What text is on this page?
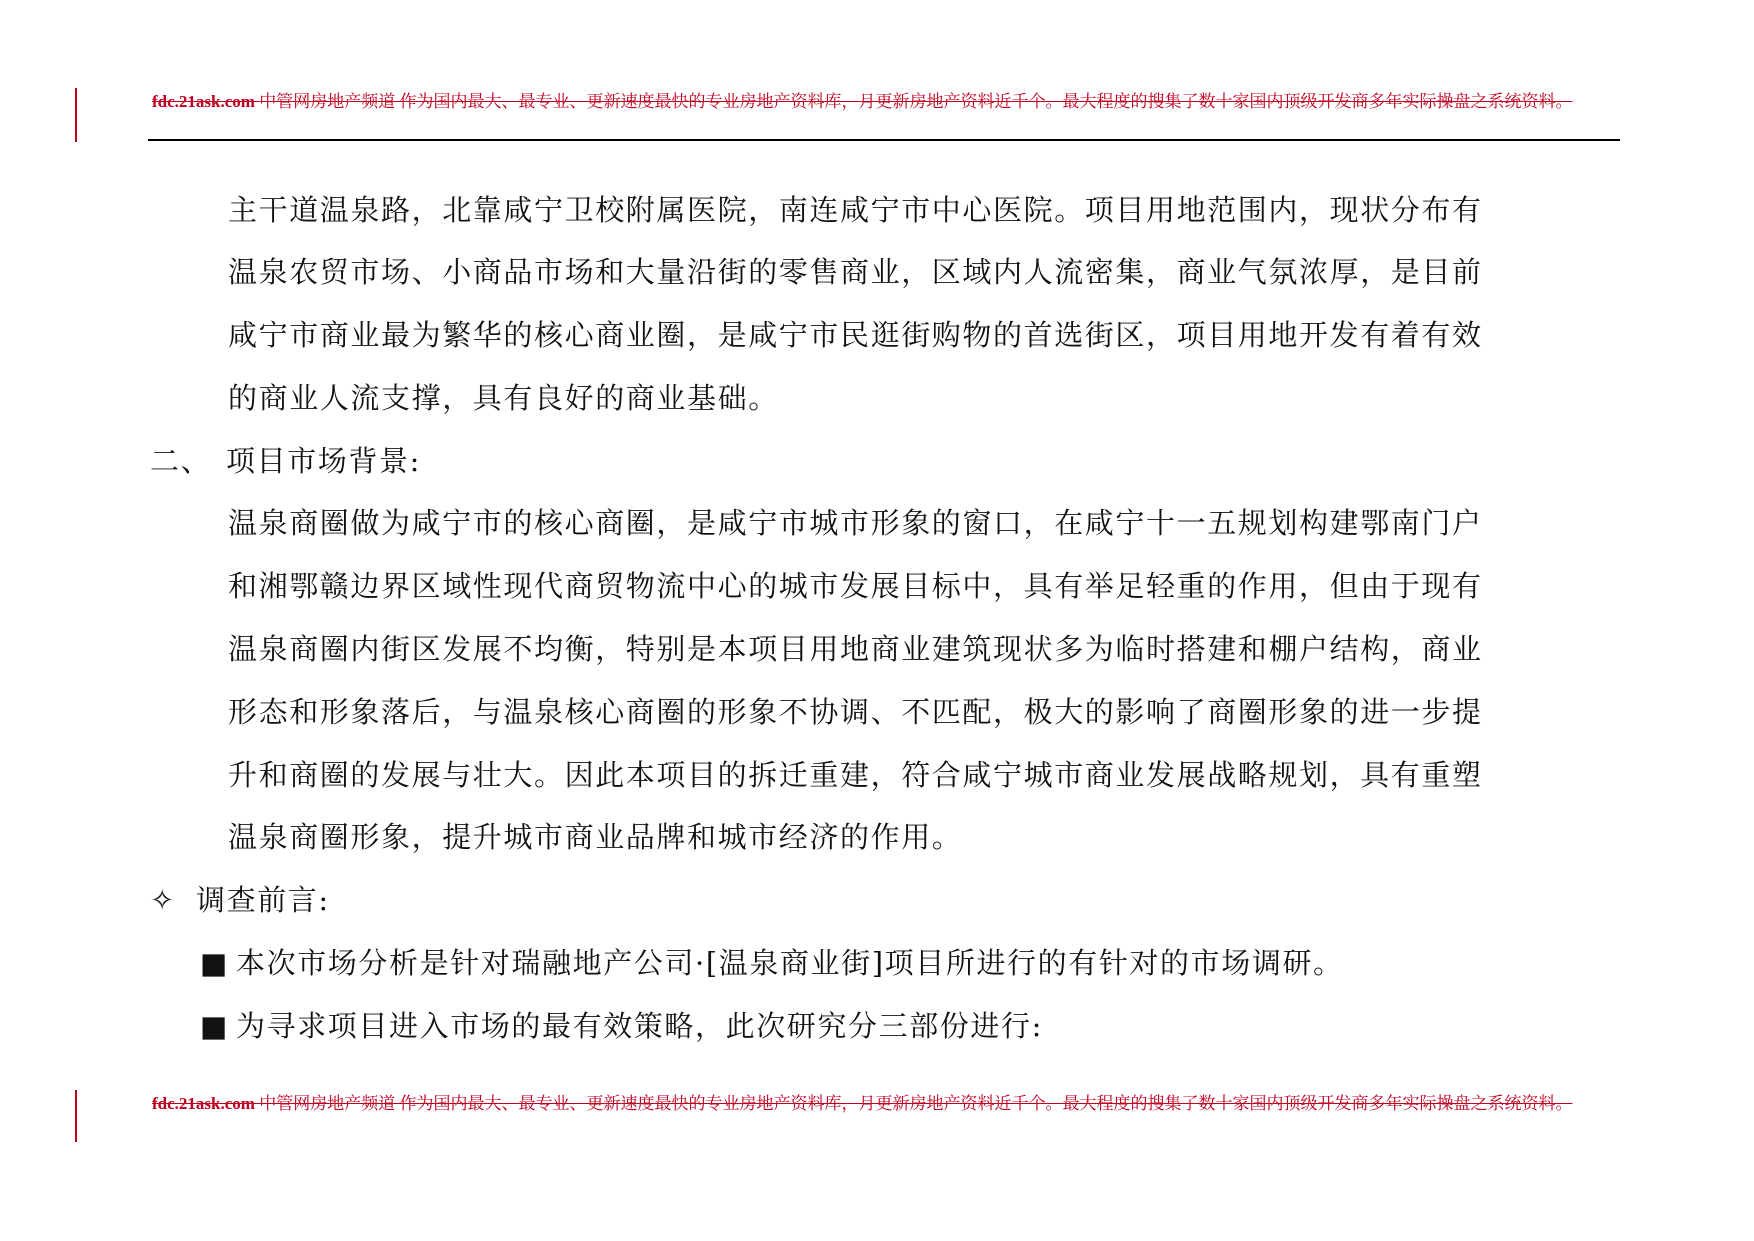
fdc.21ask.com 中管网房地产频道 作为国内最大、最专业、更新速度最快的专业房地产资料库，月更新房地产资料近千个。最大程度的搜集了数十家国内顶级开发商多年实际操盘之系统资料。
主干道温泉路，北靠咸宁卫校附属医院，南连咸宁市中心医院。项目用地范围内，现状分布有
温泉农贸市场、小商品市场和大量沿街的零售商业，区域内人流密集，商业气氛浓厚，是目前
咸宁市商业最为繁华的核心商业圈，是咸宁市民逛街购物的首选街区，项目用地开发有着有效
的商业人流支撑，具有良好的商业基础。
二、 项目市场背景:
温泉商圈做为咸宁市的核心商圈，是咸宁市城市形象的窗口，在咸宁十一五规划构建鄂南门户
和湘鄂赣边界区域性现代商贸物流中心的城市发展目标中，具有举足轻重的作用，但由于现有
温泉商圈内街区发展不均衡，特别是本项目用地商业建筑现状多为临时搭建和棚户结构，商业
形态和形象落后，与温泉核心商圈的形象不协调、不匹配，极大的影响了商圈形象的进一步提
升和商圈的发展与壮大。因此本项目的拆迁重建，符合咸宁城市商业发展战略规划，具有重塑
温泉商圈形象，提升城市商业品牌和城市经济的作用。
✧ 调查前言:
■ 本次市场分析是针对瑞融地产公司·[温泉商业街]项目所进行的有针对的市场调研。
■ 为寻求项目进入市场的最有效策略，此次研究分三部份进行:
fdc.21ask.com 中管网房地产频道 作为国内最大、最专业、更新速度最快的专业房地产资料库，月更新房地产资料近千个。最大程度的搜集了数十家国内顶级开发商多年实际操盘之系统资料。
